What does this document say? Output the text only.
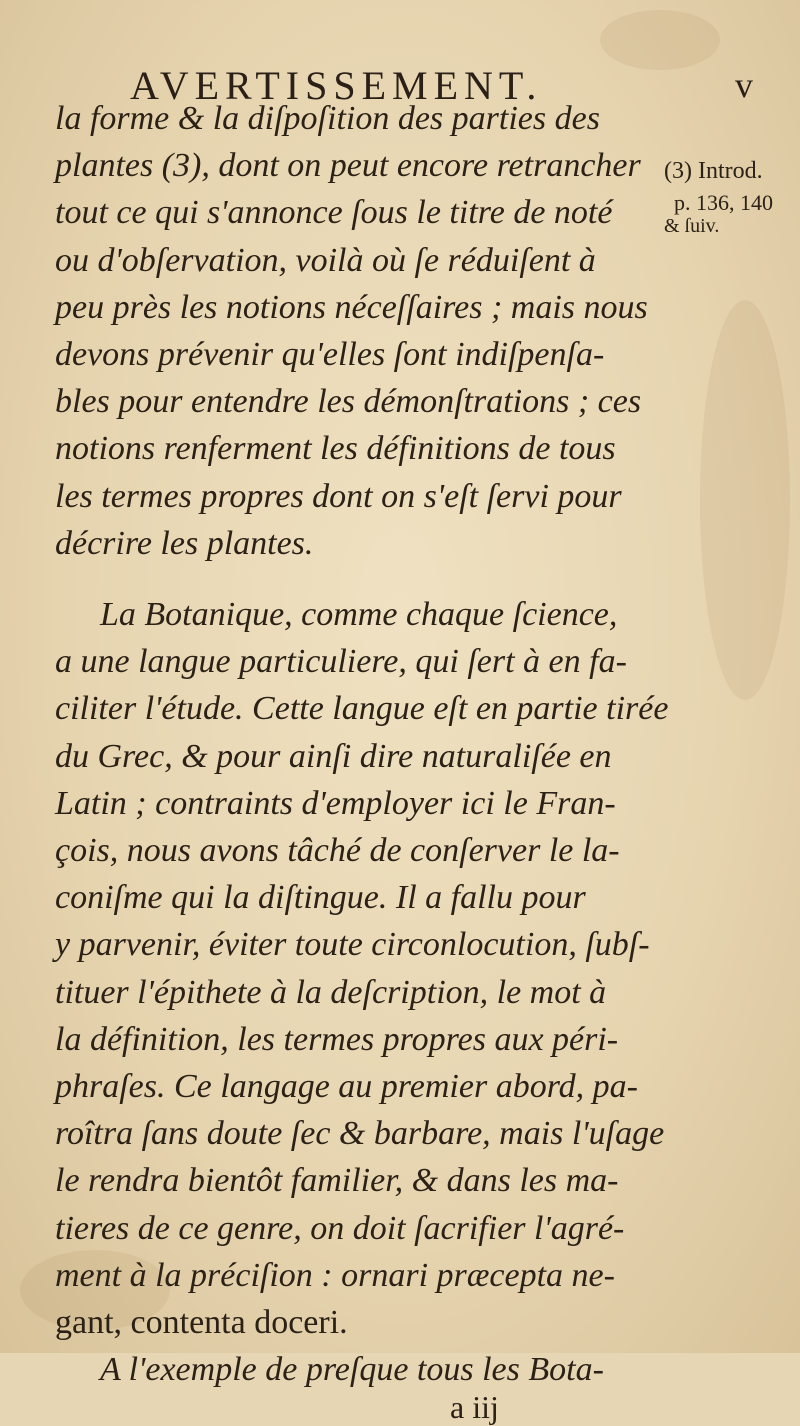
AVERTISSEMENT.	v
(3) Introd.
p. 136, 140
& ſuiv.
la forme & la diſpoſition des parties des
plantes (3), dont on peut encore retrancher
tout ce qui s'annonce ſous le titre de noté
ou d'obſervation, voilà où ſe réduiſent à
peu près les notions néceſſaires ; mais nous
devons prévenir qu'elles ſont indiſpenſa-
bles pour entendre les démonſtrations ; ces
notions renferment les définitions de tous
les termes propres dont on s'eſt ſervi pour
décrire les plantes.
La Botanique, comme chaque ſcience,
a une langue particuliere, qui ſert à en fa-
ciliter l'étude. Cette langue eſt en partie tirée
du Grec, & pour ainſi dire naturaliſée en
Latin ; contraints d'employer ici le Fran-
çois, nous avons tâché de conſerver le la-
coniſme qui la diſtingue. Il a fallu pour
y parvenir, éviter toute circonlocution, ſubſ-
tituer l'épithete à la deſcription, le mot à
la définition, les termes propres aux péri-
phraſes. Ce langage au premier abord, pa-
roîtra ſans doute ſec & barbare, mais l'uſage
le rendra bientôt familier, & dans les ma-
tieres de ce genre, on doit ſacrifier l'agré-
ment à la préciſion : ornari præcepta ne-
gant, contenta doceri.
A l'exemple de preſque tous les Bota-
a iij
